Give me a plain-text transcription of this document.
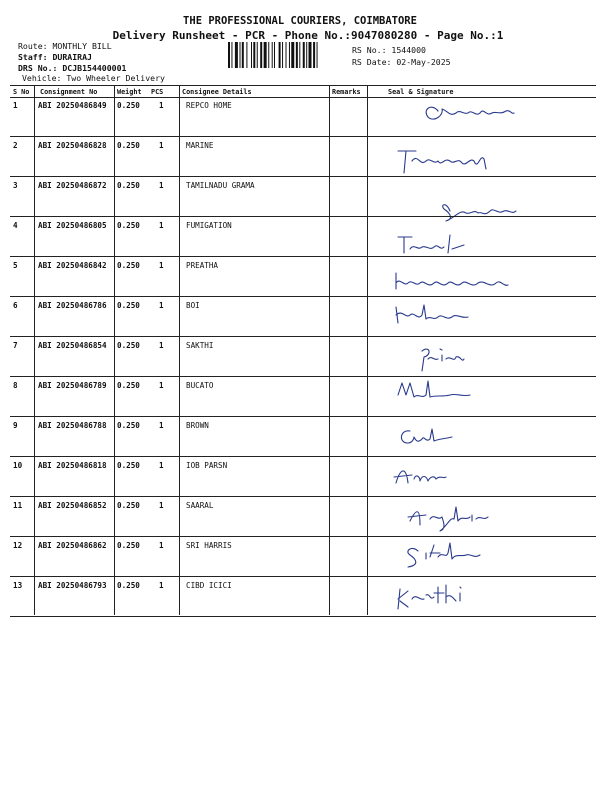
THE PROFESSIONAL COURIERS, COIMBATORE
Delivery Runsheet - PCR - Phone No.:9047080280 - Page No.:1
Route: MONTHLY BILL
Staff: DURAIRAJ
DRS No.: DCJB154400001
Vehicle: Two Wheeler Delivery
RS No.: 1544000
RS Date: 02-May-2025
S No Consignment No	Weight PCS	Consignee Details	Remarks	Seal & Signature
1	ABI 20250486849 0.250	1	REPCO HOME
2	ABI 20250486828 0.250	1	MARINE
3	ABI 20250486872 0.250	1	TAMILNADU GRAMA
4	ABI 20250486805 0.250	1	FUMIGATION
5	ABI 20250486842 0.250	1	PREATHA
6	ABI 20250486786 0.250	1	BOI
7	ABI 20250486854 0.250	1	SAKTHI
8	ABI 20250486789 0.250	1	BUCATO
9	ABI 20250486788 0.250	1	BROWN
10 ABI 20250486818 0.250	1	IOB PARSN
11 ABI 20250486852 0.250	1	SAARAL
12 ABI 20250486862 0.250	1	SRI HARRIS
13 ABI 20250486793 0.250	1	CIBD ICICI
